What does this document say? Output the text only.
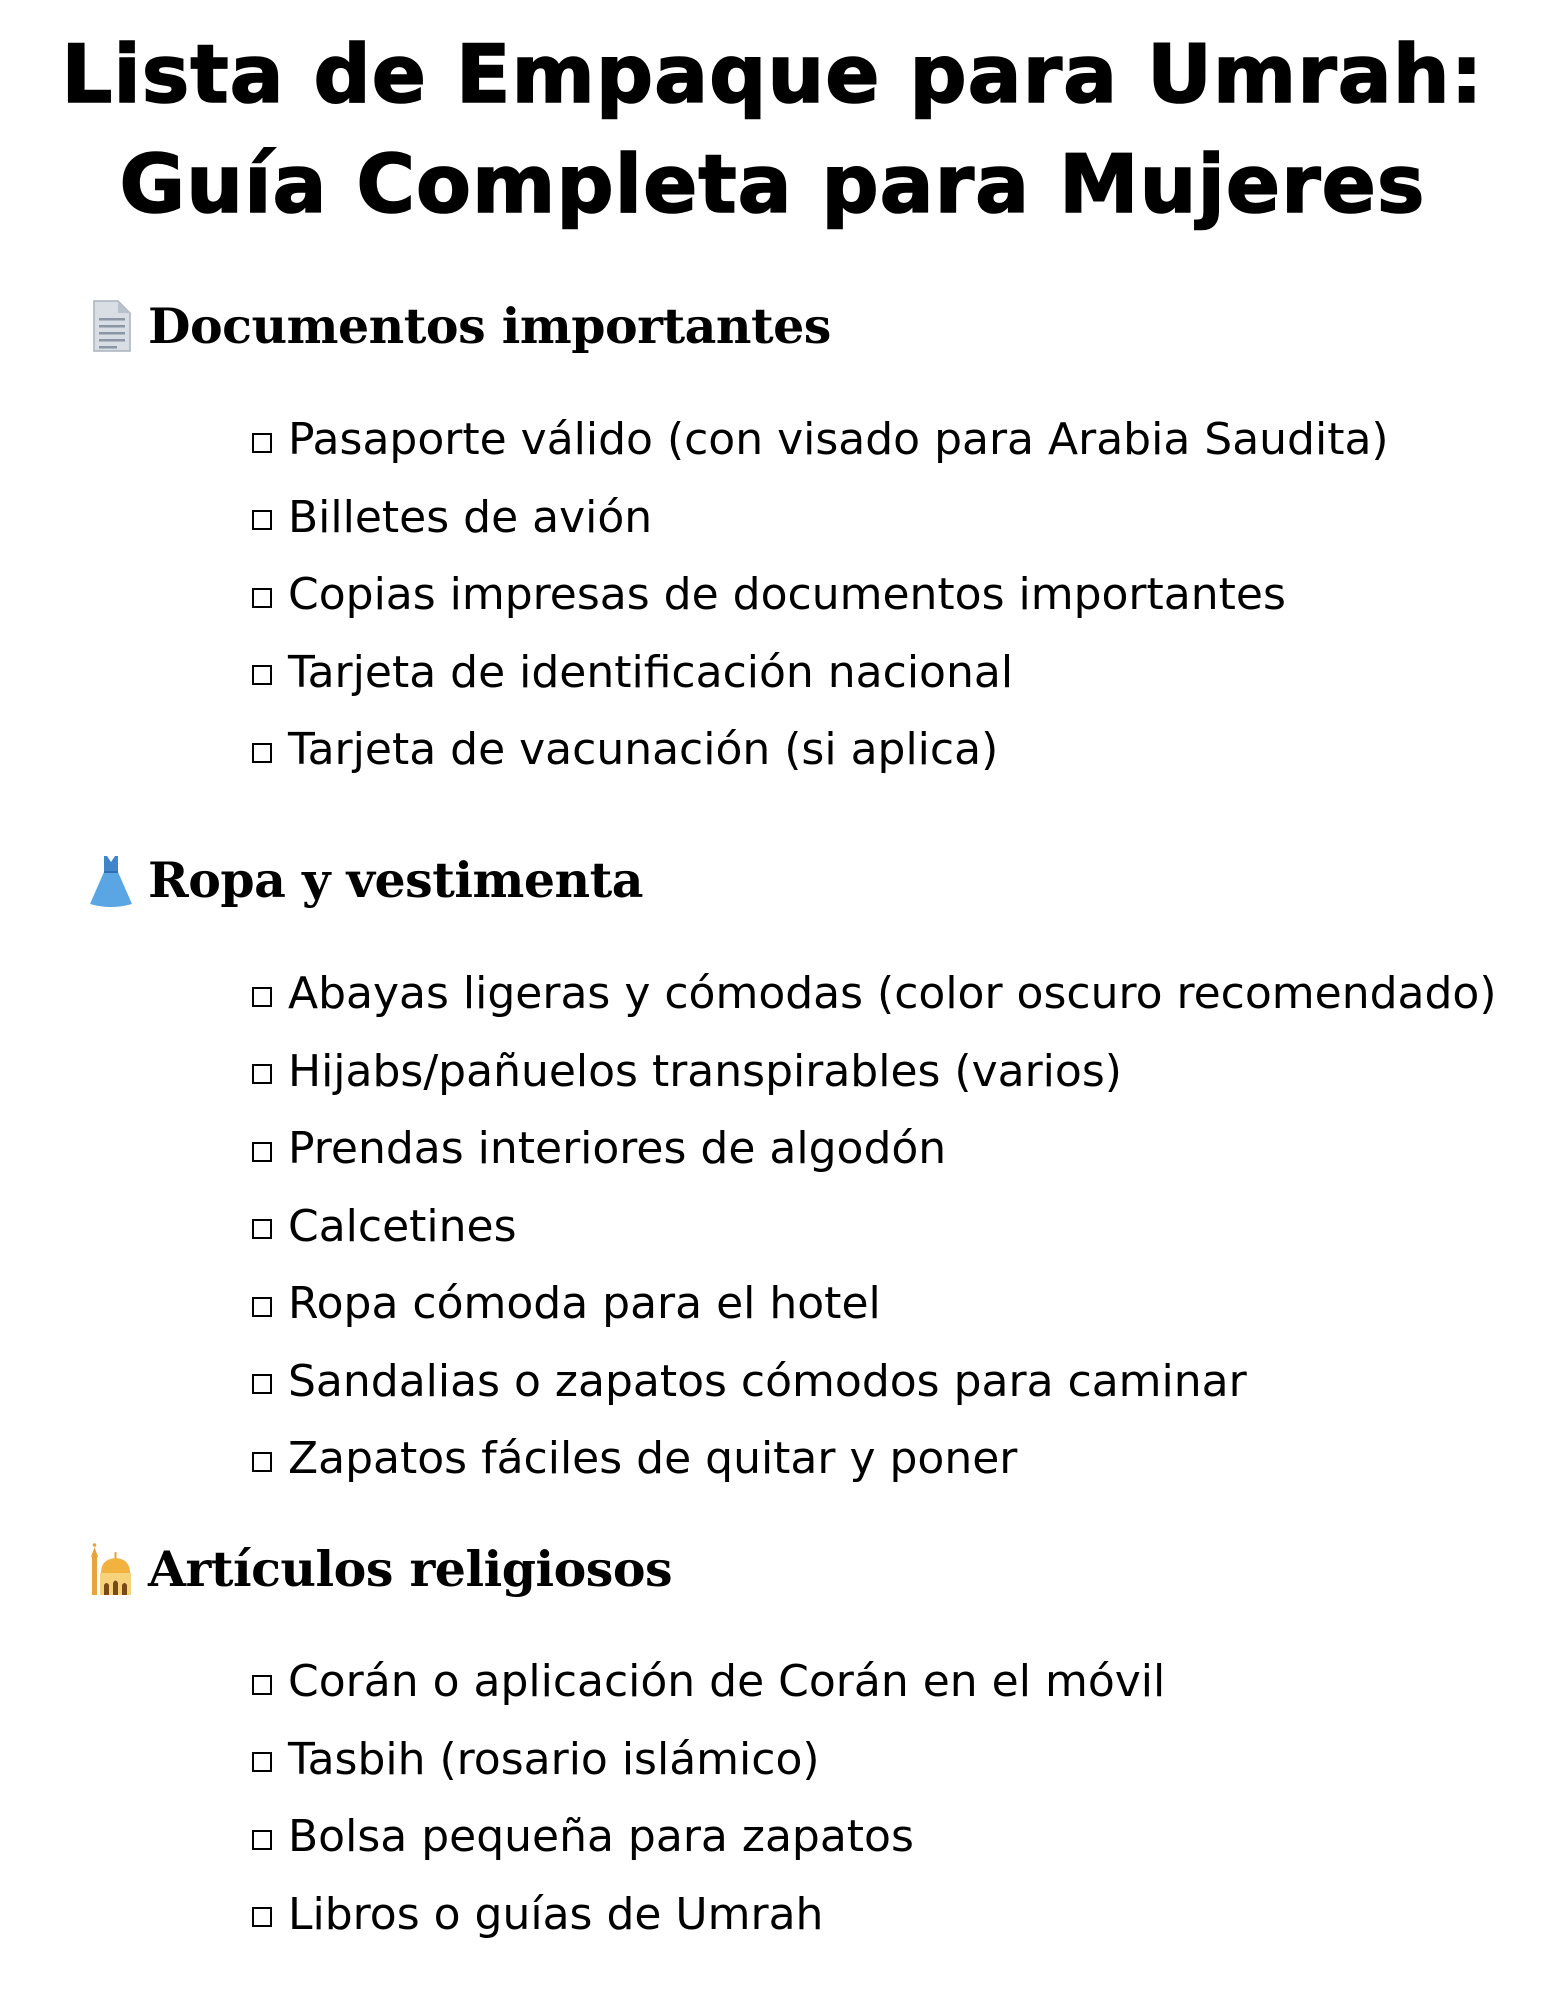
Lista de Empaque para Umrah:
Guía Completa para Mujeres
Documentos importantes
Pasaporte válido (con visado para Arabia Saudita)
Billetes de avión
Copias impresas de documentos importantes
Tarjeta de identificación nacional
Tarjeta de vacunación (si aplica)
Ropa y vestimenta
Abayas ligeras y cómodas (color oscuro recomendado)
Hijabs/pañuelos transpirables (varios)
Prendas interiores de algodón
Calcetines
Ropa cómoda para el hotel
Sandalias o zapatos cómodos para caminar
Zapatos fáciles de quitar y poner
Artículos religiosos
Corán o aplicación de Corán en el móvil
Tasbih (rosario islámico)
Bolsa pequeña para zapatos
Libros o guías de Umrah
